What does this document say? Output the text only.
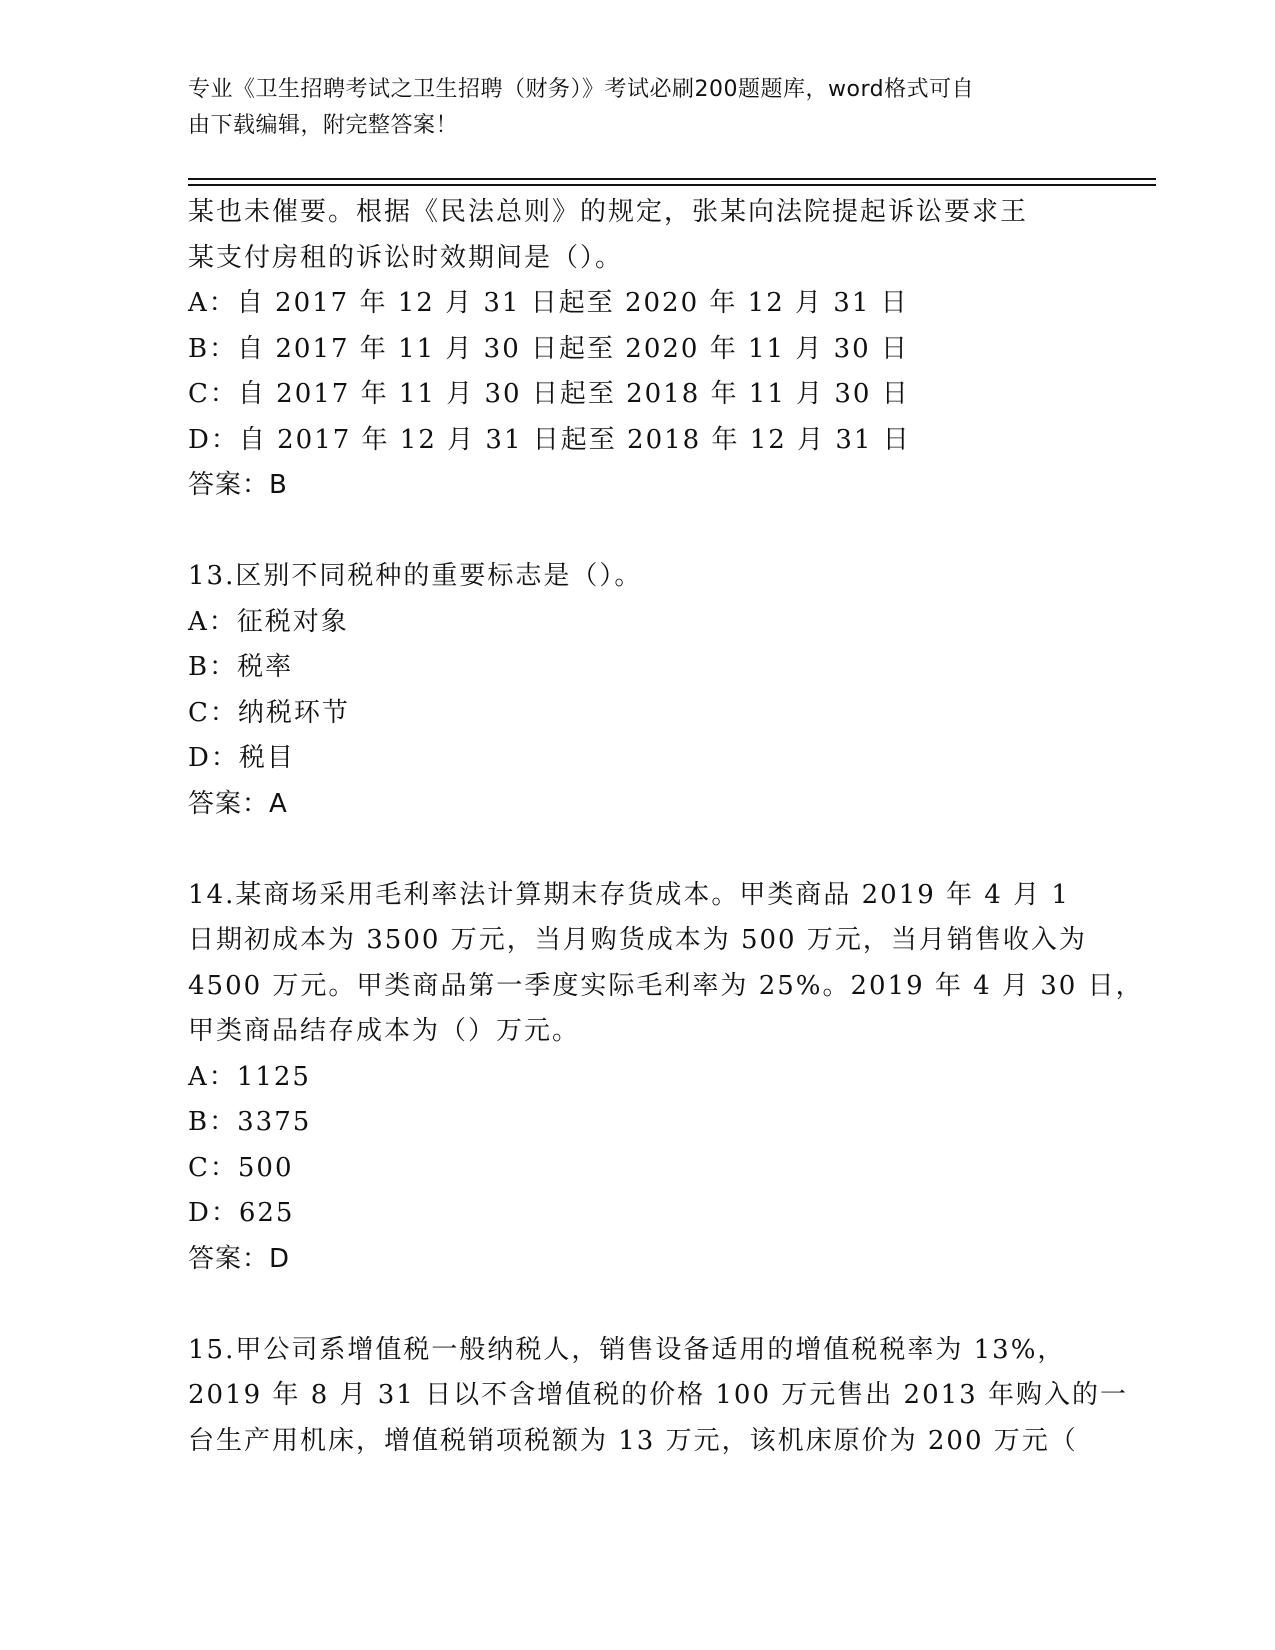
专业《卫生招聘考试之卫生招聘（财务）》考试必刷200题题库，word格式可自
由下载编辑，附完整答案！
某也未催要。根据《民法总则》的规定，张某向法院提起诉讼要求王
某支付房租的诉讼时效期间是（）。
A：自 2017 年 12 月 31 日起至 2020 年 12 月 31 日
B：自 2017 年 11 月 30 日起至 2020 年 11 月 30 日
C：自 2017 年 11 月 30 日起至 2018 年 11 月 30 日
D：自 2017 年 12 月 31 日起至 2018 年 12 月 31 日
答案：B
13.区别不同税种的重要标志是（）。
A：征税对象
B：税率
C：纳税环节
D：税目
答案：A
14.某商场采用毛利率法计算期末存货成本。甲类商品 2019 年 4 月 1
日期初成本为 3500 万元，当月购货成本为 500 万元，当月销售收入为
4500 万元。甲类商品第一季度实际毛利率为 25%。2019 年 4 月 30 日，
甲类商品结存成本为（）万元。
A：1125
B：3375
C：500
D：625
答案：D
15.甲公司系增值税一般纳税人，销售设备适用的增值税税率为 13%，
2019 年 8 月 31 日以不含增值税的价格 100 万元售出 2013 年购入的一
台生产用机床，增值税销项税额为 13 万元，该机床原价为 200 万元（
